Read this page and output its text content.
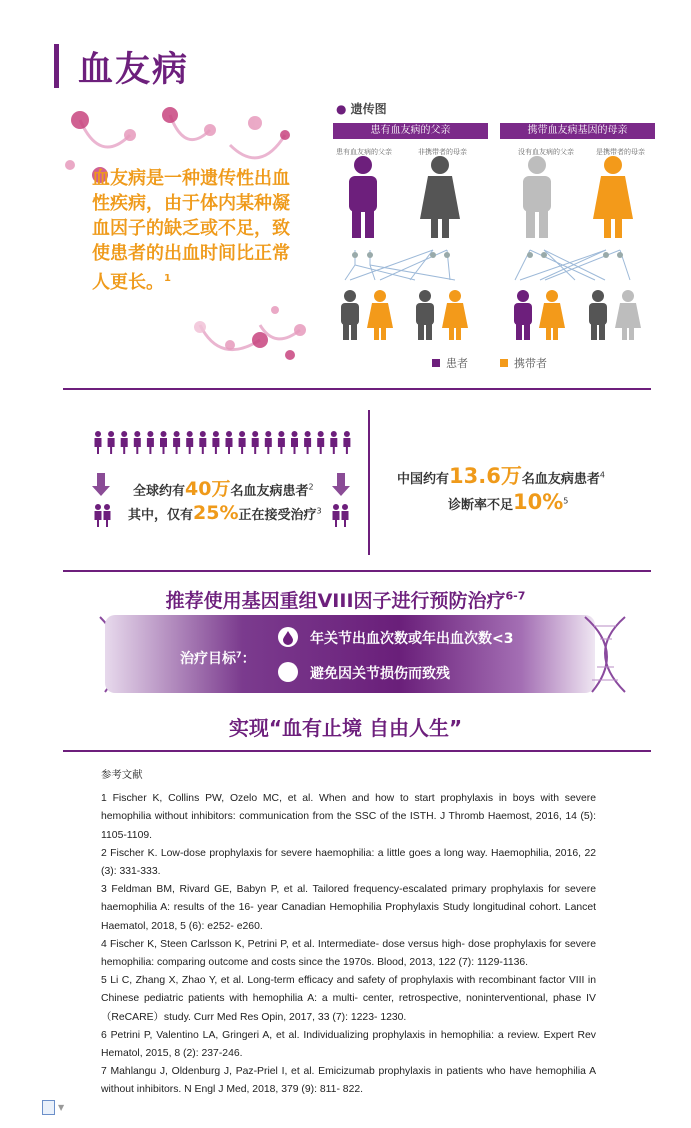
血友病
血友病是一种遗传性出血性疾病，由于体内某种凝血因子的缺乏或不足，致使患者的出血时间比正常人更长。$^1$
● 遗传图
患有血友病的父亲	携带血友病基因的母亲
患有血友病的父亲	非携带者的母亲	没有血友病的父亲	是携带者的母亲
患者	携带者
全球约有40万名血友病患者$^2$
其中，仅有25%正在接受治疗$^3$
中国约有13.6万名血友病患者$^4$
诊断率不足10%$^5$
推荐使用基因重组VIII因子进行预防治疗$^{6-7}$
治疗目标$^7$：
年关节出血次数或年出血次数<3
避免因关节损伤而致残
实现“血有止境 自由人生”

参考文献

1 Fischer K, Collins PW, Ozelo MC, et al. When and how to start prophylaxis in boys with severe hemophilia without inhibitors: communication from the SSC of the ISTH. J Thromb Haemost, 2016, 14 (5): 1105-1109.

2 Fischer K. Low-dose prophylaxis for severe haemophilia: a little goes a long way. Haemophilia, 2016, 22 (3): 331-333.

3 Feldman BM, Rivard GE, Babyn P, et al. Tailored frequency-escalated primary prophylaxis for severe haemophilia A: results of the 16- year Canadian Hemophilia Prophylaxis Study longitudinal cohort. Lancet Haematol, 2018, 5 (6): e252- e260.

4 Fischer K, Steen Carlsson K, Petrini P, et al. Intermediate- dose versus high- dose prophylaxis for severe hemophilia: comparing outcome and costs since the 1970s. Blood, 2013, 122 (7): 1129-1136.

5 Li C, Zhang X, Zhao Y, et al. Long-term efficacy and safety of prophylaxis with recombinant factor VIII in Chinese pediatric patients with hemophilia A: a multi- center, retrospective, noninterventional, phase IV（ReCARE）study. Curr Med Res Opin, 2017, 33 (7): 1223- 1230.

6 Petrini P, Valentino LA, Gringeri A, et al. Individualizing prophylaxis in hemophilia: a review. Expert Rev Hematol, 2015, 8 (2): 237-246.

7 Mahlangu J, Oldenburg J, Paz-Priel I, et al. Emicizumab prophylaxis in patients who have hemophilia A without inhibitors. N Engl J Med, 2018, 379 (9): 811- 822.

▼
